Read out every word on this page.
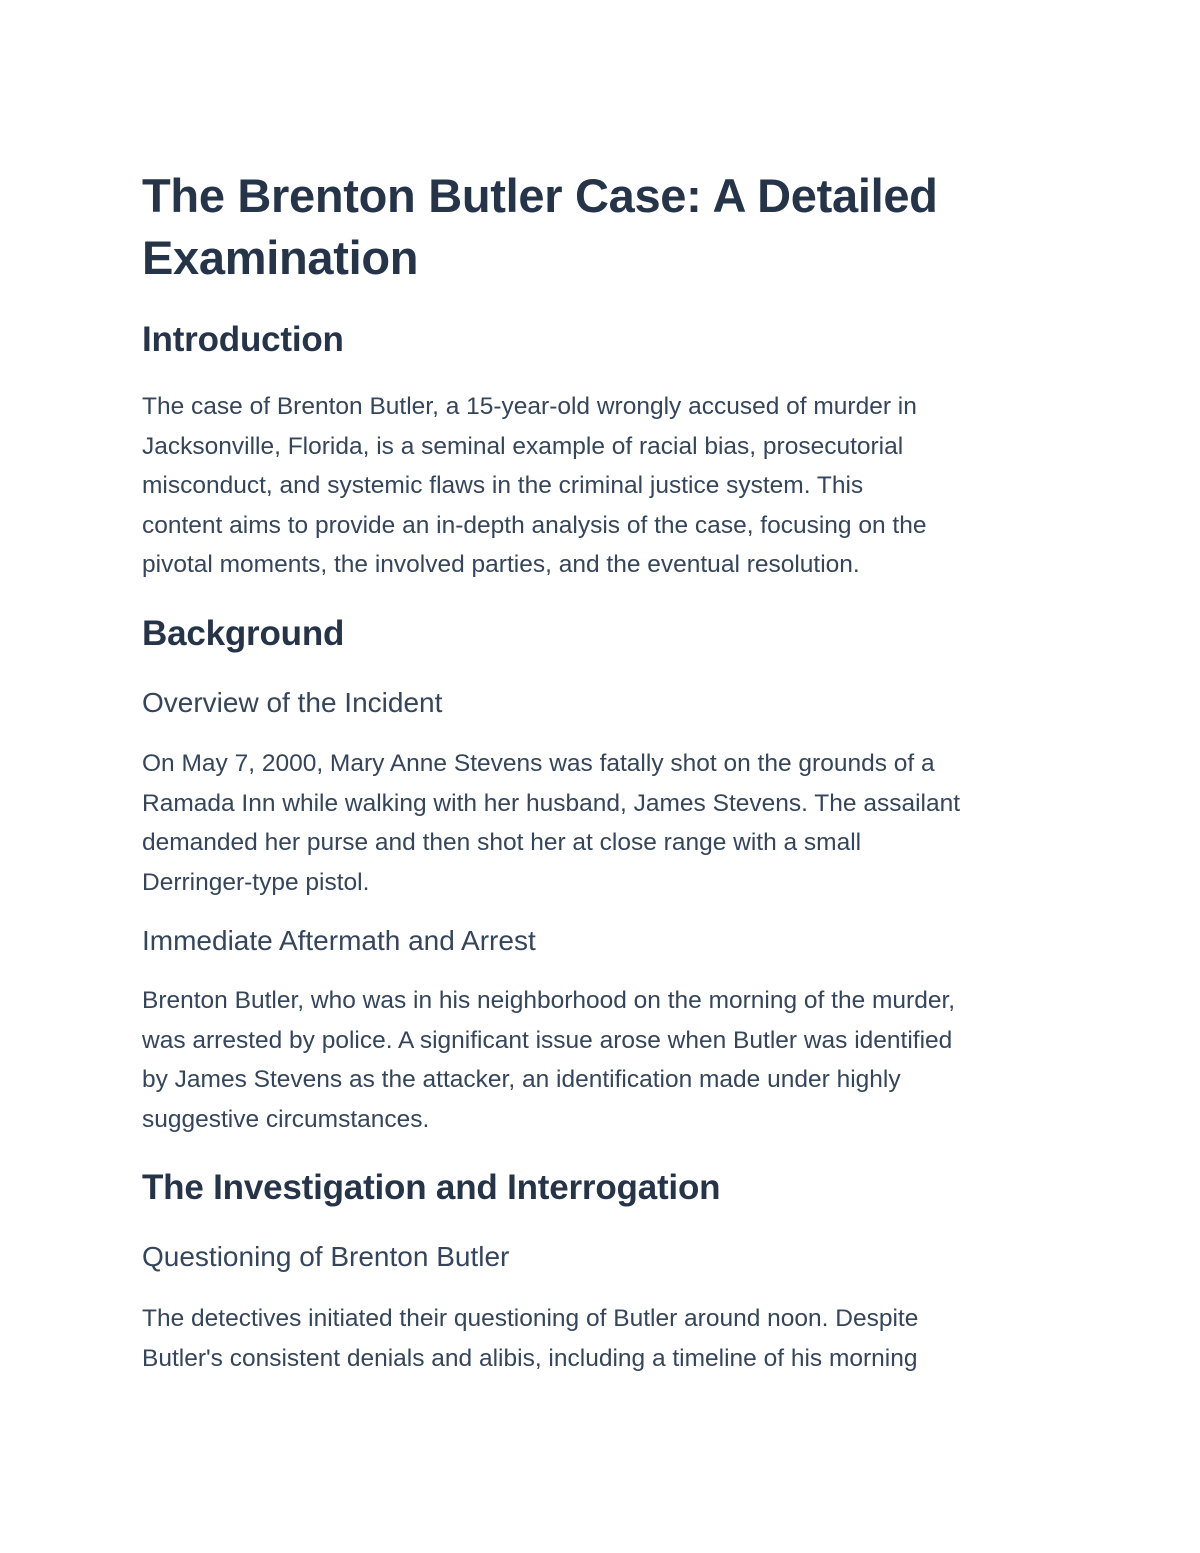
The Brenton Butler Case: A Detailed
Examination
Introduction

The case of Brenton Butler, a 15-year-old wrongly accused of murder in
Jacksonville, Florida, is a seminal example of racial bias, prosecutorial
misconduct, and systemic flaws in the criminal justice system. This
content aims to provide an in-depth analysis of the case, focusing on the
pivotal moments, the involved parties, and the eventual resolution.

Background
Overview of the Incident

On May 7, 2000, Mary Anne Stevens was fatally shot on the grounds of a
Ramada Inn while walking with her husband, James Stevens. The assailant
demanded her purse and then shot her at close range with a small
Derringer-type pistol.

Immediate Aftermath and Arrest

Brenton Butler, who was in his neighborhood on the morning of the murder,
was arrested by police. A significant issue arose when Butler was identified
by James Stevens as the attacker, an identification made under highly
suggestive circumstances.

The Investigation and Interrogation
Questioning of Brenton Butler

The detectives initiated their questioning of Butler around noon. Despite
Butler's consistent denials and alibis, including a timeline of his morning
